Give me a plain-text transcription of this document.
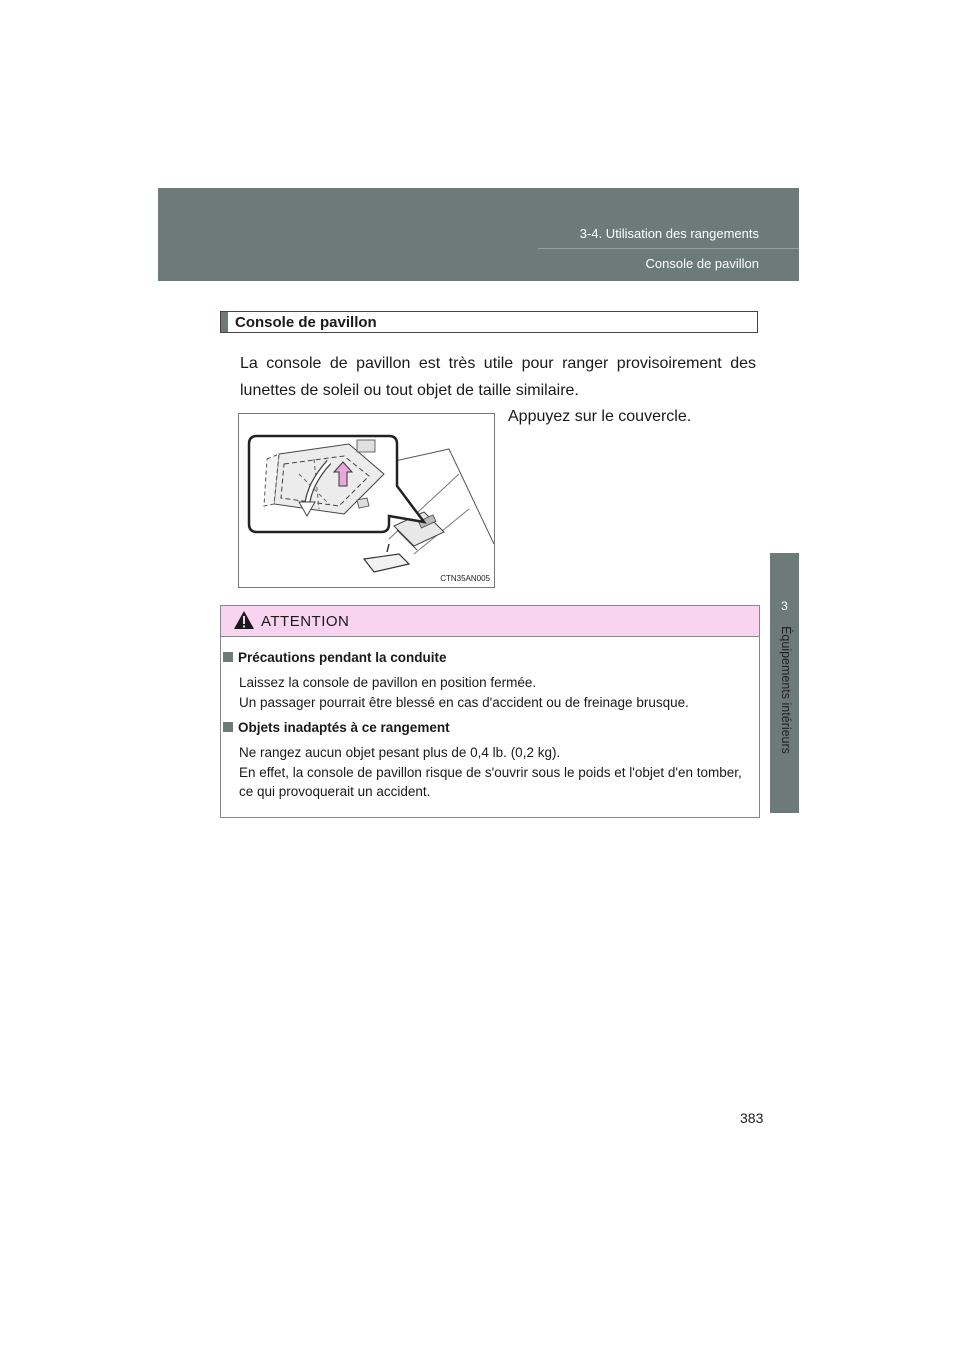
3-4. Utilisation des rangements
Console de pavillon
3
Équipements intérieurs
Console de pavillon
La console de pavillon est très utile pour ranger provisoirement des lunettes de soleil ou tout objet de taille similaire.
CTN35AN005
Appuyez sur le couvercle.
ATTENTION
Précautions pendant la conduite
Laissez la console de pavillon en position fermée.
Un passager pourrait être blessé en cas d'accident ou de freinage brusque.
Objets inadaptés à ce rangement
Ne rangez aucun objet pesant plus de 0,4 lb. (0,2 kg).
En effet, la console de pavillon risque de s'ouvrir sous le poids et l'objet d'en tomber, ce qui provoquerait un accident.
383
